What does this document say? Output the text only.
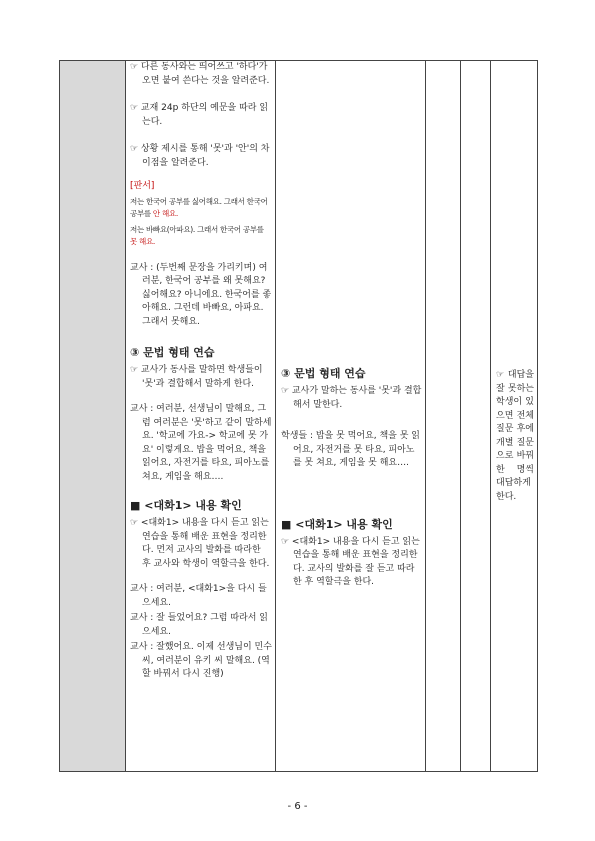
☞ 다른 동사와는 띄어쓰고 '하다'가 오면 붙여 쓴다는 것을 알려준다.

☞ 교재 24p 하단의 예문을 따라 읽는다.

☞ 상황 제시를 통해 '못'과 '안'의 차이점을 알려준다.

[판서]

저는 한국어 공부를 싫어해요. 그래서 한국어 공부를 안 해요.

저는 바빠요(아파요). 그래서 한국어 공부를 못 해요.

교사 : (두번째 문장을 가리키며) 여러분, 한국어 공부를 왜 못해요? 싫어해요? 아니에요. 한국어를 좋아해요. 그런데 바빠요, 아파요. 그래서 못해요.

③ 문법 형태 연습

☞ 교사가 동사를 말하면 학생들이 '못'과 결합해서 말하게 한다.

교사 : 여러분, 선생님이 말해요, 그럼 여러분은 '못'하고 같이 말하세요. '학교에 가요-> 학교에 못 가요' 이렇게요. 밥을 먹어요, 책을 읽어요, 자전거를 타요, 피아노를 쳐요, 게임을 해요….

■ <대화1> 내용 확인

☞ <대화1> 내용을 다시 듣고 읽는 연습을 통해 배운 표현을 정리한다. 먼저 교사의 발화를 따라한 후 교사와 학생이 역할극을 한다.

교사 : 여러분, <대화1>을 다시 들으세요.

교사 : 잘 들었어요? 그럼 따라서 읽으세요.

교사 : 잘했어요. 이제 선생님이 민수 씨, 여러분이 유키 씨 말해요. (역할 바꿔서 다시 진행)

③ 문법 형태 연습

☞ 교사가 말하는 동사를 '못'과 결합해서 말한다.

학생들 : 밥을 못 먹어요, 책을 못 읽어요, 자전거를 못 타요, 피아노를 못 쳐요, 게임을 못 해요….

■ <대화1> 내용 확인

☞ <대화1> 내용을 다시 듣고 읽는 연습을 통해 배운 표현을 정리한다. 교사의 발화를 잘 듣고 따라한 후 역할극을 한다.

☞ 대답을 잘 못하는 학생이 있으면 전체 질문 후에 개별 질문으로 바꿔 한 명씩 대답하게 한다.

- 6 -
